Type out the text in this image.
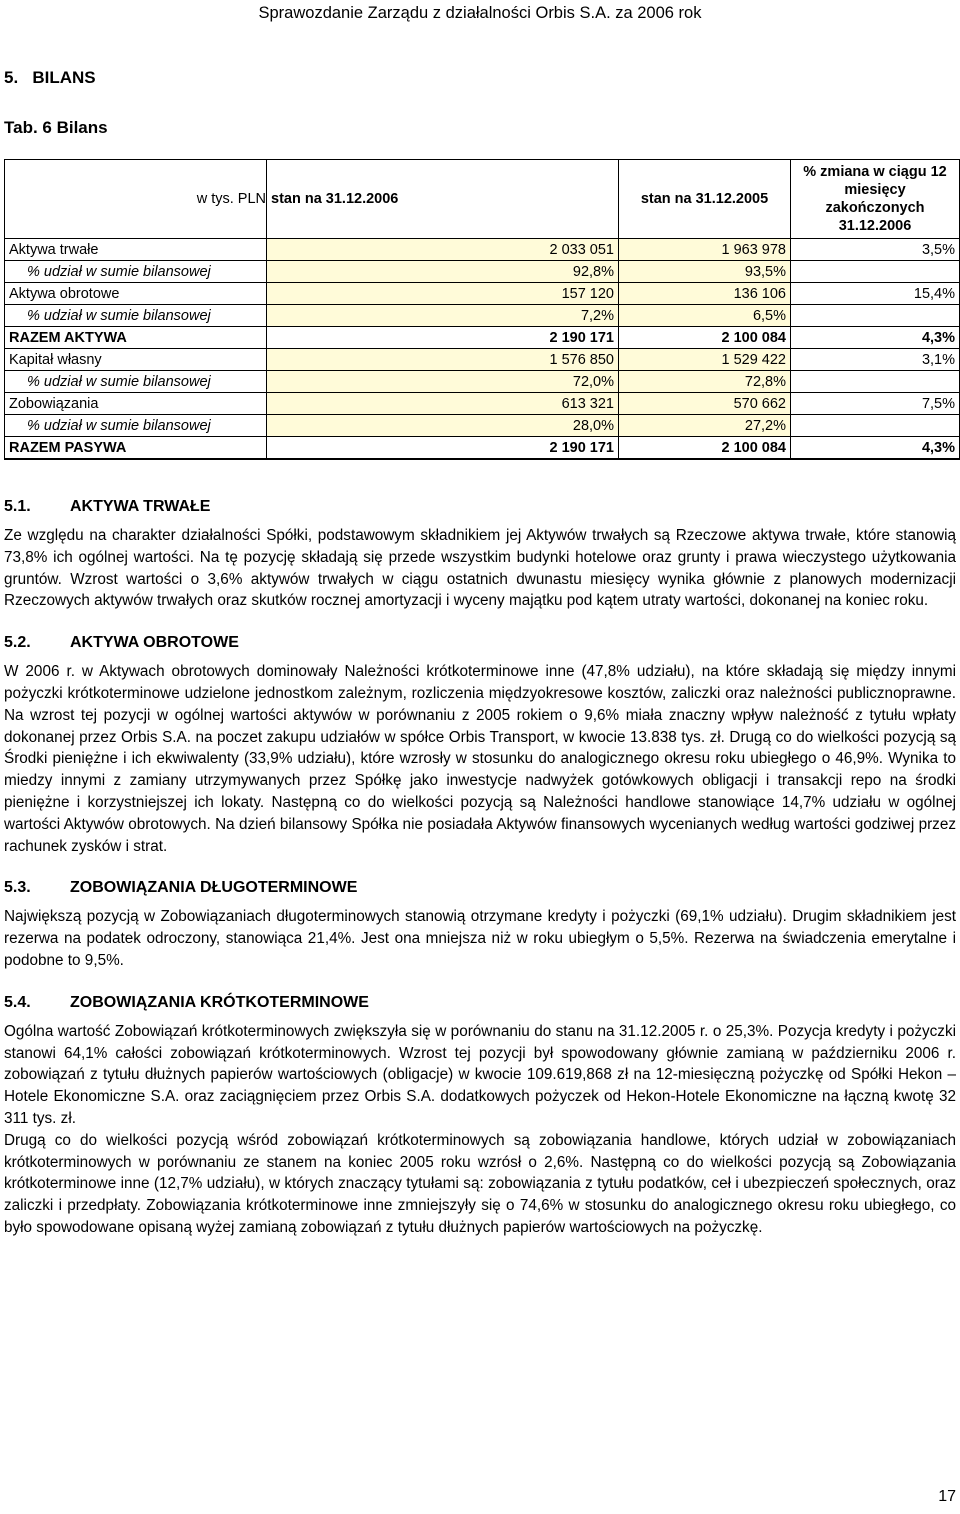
Sprawozdanie Zarządu z działalności Orbis S.A. za 2006 rok
5.   BILANS
Tab. 6 Bilans
w tys. PLN	stan na 31.12.2006	stan na 31.12.2005	% zmiana w ciągu 12 miesięcy zakończonych 31.12.2006

Aktywa trwałe	2 033 051	1 963 978	3,5%
% udział w sumie bilansowej	92,8%	93,5%	
Aktywa obrotowe	157 120	136 106	15,4%
% udział w sumie bilansowej	7,2%	6,5%	
RAZEM AKTYWA	2 190 171	2 100 084	4,3%
Kapitał własny	1 576 850	1 529 422	3,1%
% udział w sumie bilansowej	72,0%	72,8%	
Zobowiązania	613 321	570 662	7,5%
% udział w sumie bilansowej	28,0%	27,2%	
RAZEM PASYWA	2 190 171	2 100 084	4,3%
5.1. AKTYWA TRWAŁE

Ze względu na charakter działalności Spółki, podstawowym składnikiem jej Aktywów trwałych są Rzeczowe aktywa trwałe, które stanowią 73,8% ich ogólnej wartości. Na tę pozycję składają się przede wszystkim budynki hotelowe oraz grunty i prawa wieczystego użytkowania gruntów. Wzrost wartości o 3,6% aktywów trwałych w ciągu ostatnich dwunastu miesięcy wynika głównie z planowych modernizacji Rzeczowych aktywów trwałych oraz skutków rocznej amortyzacji i wyceny majątku pod kątem utraty wartości, dokonanej na koniec roku.

5.2. AKTYWA OBROTOWE

W 2006 r. w Aktywach obrotowych dominowały Należności krótkoterminowe inne (47,8% udziału), na które składają się między innymi pożyczki krótkoterminowe udzielone jednostkom zależnym, rozliczenia międzyokresowe kosztów, zaliczki oraz należności publicznoprawne. Na wzrost tej pozycji w ogólnej wartości aktywów w porównaniu z 2005 rokiem o 9,6% miała znaczny wpływ należność z tytułu wpłaty dokonanej przez Orbis S.A. na poczet zakupu udziałów w spółce Orbis Transport, w kwocie 13.838 tys. zł. Drugą co do wielkości pozycją są Środki pieniężne i ich ekwiwalenty (33,9% udziału), które wzrosły w stosunku do analogicznego okresu roku ubiegłego o 46,9%. Wynika to miedzy innymi z zamiany utrzymywanych przez Spółkę jako inwestycje nadwyżek gotówkowych obligacji i transakcji repo na środki pieniężne i korzystniejszej ich lokaty. Następną co do wielkości pozycją są Należności handlowe stanowiące 14,7% udziału w ogólnej wartości Aktywów obrotowych. Na dzień bilansowy Spółka nie posiadała Aktywów finansowych wycenianych według wartości godziwej przez rachunek zysków i strat.

5.3. ZOBOWIĄZANIA DŁUGOTERMINOWE

Największą pozycją w Zobowiązaniach długoterminowych stanowią otrzymane kredyty i pożyczki (69,1% udziału). Drugim składnikiem jest rezerwa na podatek odroczony, stanowiąca 21,4%. Jest ona mniejsza niż w roku ubiegłym o 5,5%. Rezerwa na świadczenia emerytalne i podobne to 9,5%.

5.4. ZOBOWIĄZANIA KRÓTKOTERMINOWE

Ogólna wartość Zobowiązań krótkoterminowych zwiększyła się w porównaniu do stanu na 31.12.2005 r. o 25,3%. Pozycja kredyty i pożyczki stanowi 64,1% całości zobowiązań krótkoterminowych. Wzrost tej pozycji był spowodowany głównie zamianą w październiku 2006 r. zobowiązań z tytułu dłużnych papierów wartościowych (obligacje) w kwocie 109.619,868 zł na 12-miesięczną pożyczkę od Spółki Hekon – Hotele Ekonomiczne S.A. oraz zaciągnięciem przez Orbis S.A. dodatkowych pożyczek od Hekon-Hotele Ekonomiczne na łączną kwotę 32 311 tys. zł.

Drugą co do wielkości pozycją wśród zobowiązań krótkoterminowych są zobowiązania handlowe, których udział w zobowiązaniach krótkoterminowych w porównaniu ze stanem na koniec 2005 roku wzrósł o 2,6%. Następną co do wielkości pozycją są Zobowiązania krótkoterminowe inne (12,7% udziału), w których znaczący tytułami są: zobowiązania z tytułu podatków, ceł i ubezpieczeń społecznych, oraz zaliczki i przedpłaty. Zobowiązania krótkoterminowe inne zmniejszyły się o 74,6% w stosunku do analogicznego okresu roku ubiegłego, co było spowodowane opisaną wyżej zamianą zobowiązań z tytułu dłużnych papierów wartościowych na pożyczkę.

17
